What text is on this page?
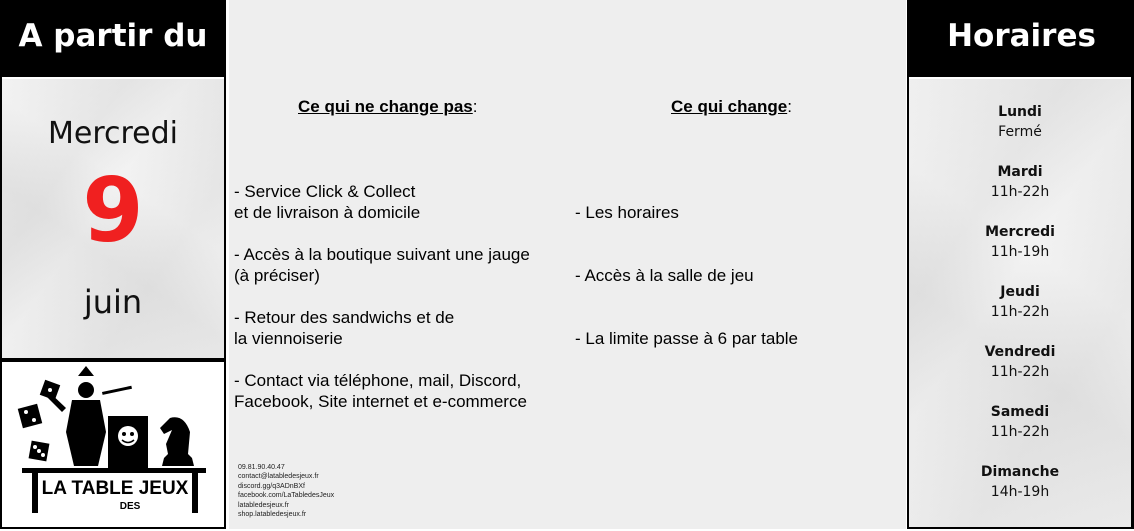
A partir du
Mercredi
9
juin
LA TABLE JEUX
DES
Ce qui ne change pas:	Ce qui change:
- Service Click & Collect
et de livraison à domicile
- Accès à la boutique suivant une jauge
(à préciser)
- Retour des sandwichs et de
la viennoiserie
- Contact via téléphone, mail, Discord,
Facebook, Site internet et e-commerce
- Les horaires
- Accès à la salle de jeu
- La limite passe à 6 par table
09.81.90.40.47
contact@latabledesjeux.fr
discord.gg/q3ADnBXf
facebook.com/LaTabledesJeux
latabledesjeux.fr
shop.latabledesjeux.fr
Horaires
Lundi
Fermé
Mardi
11h-22h
Mercredi
11h-19h
Jeudi
11h-22h
Vendredi
11h-22h
Samedi
11h-22h
Dimanche
14h-19h
